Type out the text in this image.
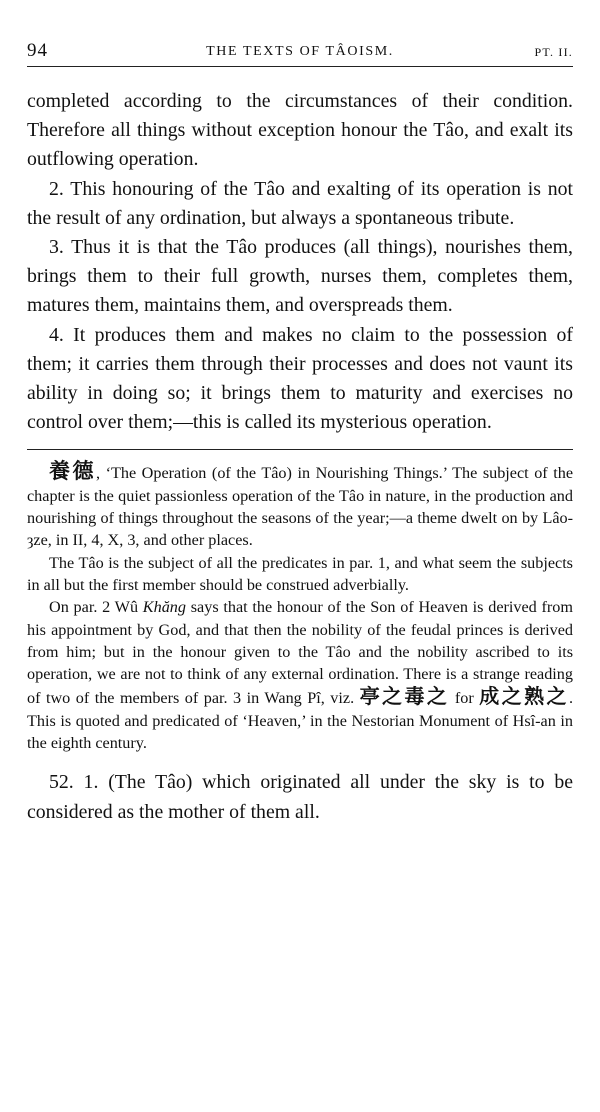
94	THE TEXTS OF TÂOISM.	PT. II.

completed according to the circumstances of their condition. Therefore all things without exception honour the Tâo, and exalt its outflowing operation.

2. This honouring of the Tâo and exalting of its operation is not the result of any ordination, but always a spontaneous tribute.

3. Thus it is that the Tâo produces (all things), nourishes them, brings them to their full growth, nurses them, completes them, matures them, maintains them, and overspreads them.

4. It produces them and makes no claim to the possession of them; it carries them through their processes and does not vaunt its ability in doing so; it brings them to maturity and exercises no control over them;—this is called its mysterious operation.

養德, ‘The Operation (of the Tâo) in Nourishing Things.’ The subject of the chapter is the quiet passionless operation of the Tâo in nature, in the production and nourishing of things throughout the seasons of the year;—a theme dwelt on by Lâo-ȝze, in II, 4, X, 3, and other places.

The Tâo is the subject of all the predicates in par. 1, and what seem the subjects in all but the first member should be construed adverbially.

On par. 2 Wû Khăng says that the honour of the Son of Heaven is derived from his appointment by God, and that then the nobility of the feudal princes is derived from him; but in the honour given to the Tâo and the nobility ascribed to its operation, we are not to think of any external ordination. There is a strange reading of two of the members of par. 3 in Wang Pî, viz. 亭之毒之 for 成之熟之. This is quoted and predicated of ‘Heaven,’ in the Nestorian Monument of Hsî-an in the eighth century.

52. 1. (The Tâo) which originated all under the sky is to be considered as the mother of them all.
